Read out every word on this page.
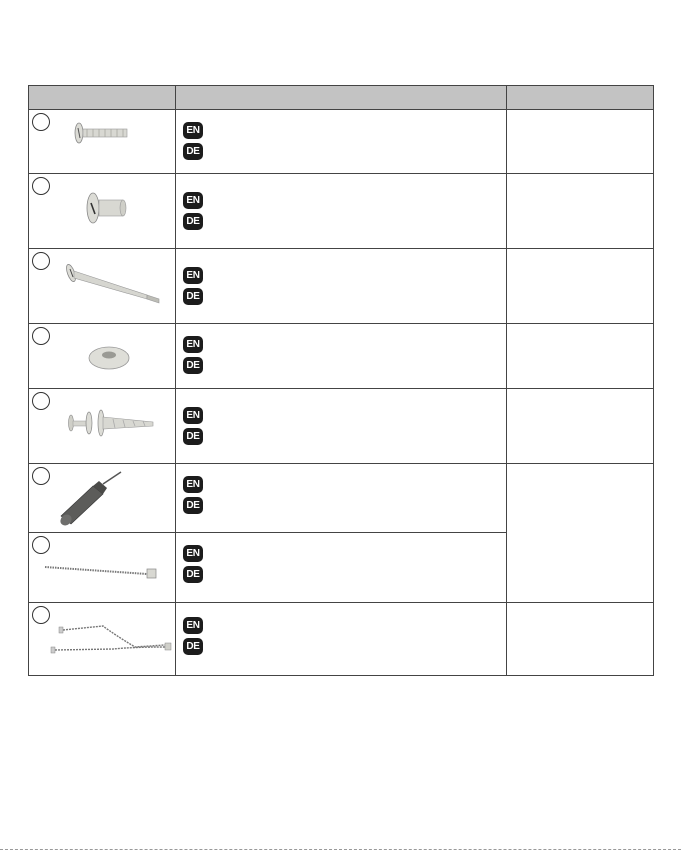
EN
DE	

EN
DE	

EN
DE	

EN
DE	

EN
DE	

EN
DE	

EN
DE	

EN
DE	
